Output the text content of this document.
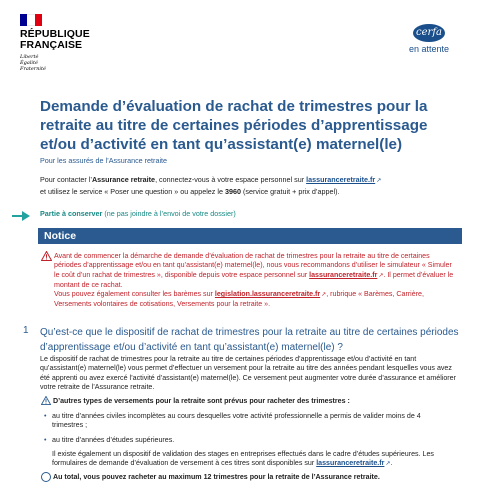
RÉPUBLIQUE
FRANÇAISE
Liberté
Égalité
Fraternité
cerfa
en attente
Demande d’évaluation de rachat de trimestres pour la retraite au titre de certaines périodes d’apprentissage et/ou d’activité en tant qu’assistant(e) maternel(le)
Pour les assurés de l’Assurance retraite
Pour contacter l’Assurance retraite, connectez-vous à votre espace personnel sur lassuranceretraite.fr↗
et utilisez le service « Poser une question » ou appelez le 3960 (service gratuit + prix d’appel).
Partie à conserver (ne pas joindre à l’envoi de votre dossier)
Notice
Avant de commencer la démarche de demande d’évaluation de rachat de trimestres pour la retraite au titre de certaines périodes d’apprentissage et/ou en tant qu’assistant(e) maternel(le), nous vous recommandons d’utiliser le simulateur « Simuler le coût d’un rachat de trimestres », disponible depuis votre espace personnel sur lassuranceretraite.fr↗. Il permet d’évaluer le montant de ce rachat.
Vous pouvez également consulter les barèmes sur legislation.lassuranceretraite.fr↗, rubrique « Barèmes, Carrière, Versements volontaires de cotisations, Versements pour la retraite ».
1 Qu’est-ce que le dispositif de rachat de trimestres pour la retraite au titre de certaines périodes d’apprentissage et/ou d’activité en tant qu’assistant(e) maternel(le) ?
Le dispositif de rachat de trimestres pour la retraite au titre de certaines périodes d’apprentissage et/ou d’activité en tant qu’assistant(e) maternel(le) vous permet d’effectuer un versement pour la retraite au titre des années pendant lesquelles vous avez été apprenti ou avez exercé l’activité d’assistant(e) maternel(le). Ce versement peut augmenter votre durée d’assurance et améliorer votre retraite de l’Assurance retraite.
D’autres types de versements pour la retraite sont prévus pour racheter des trimestres :
• au titre d’années civiles incomplètes au cours desquelles votre activité professionnelle a permis de valider moins de 4 trimestres ;
• au titre d’années d’études supérieures.
Il existe également un dispositif de validation des stages en entreprises effectués dans le cadre d’études supérieures. Les formulaires de demande d’évaluation de versement à ces titres sont disponibles sur lassuranceretraite.fr↗.
Au total, vous pouvez racheter au maximum 12 trimestres pour la retraite de l’Assurance retraite.
